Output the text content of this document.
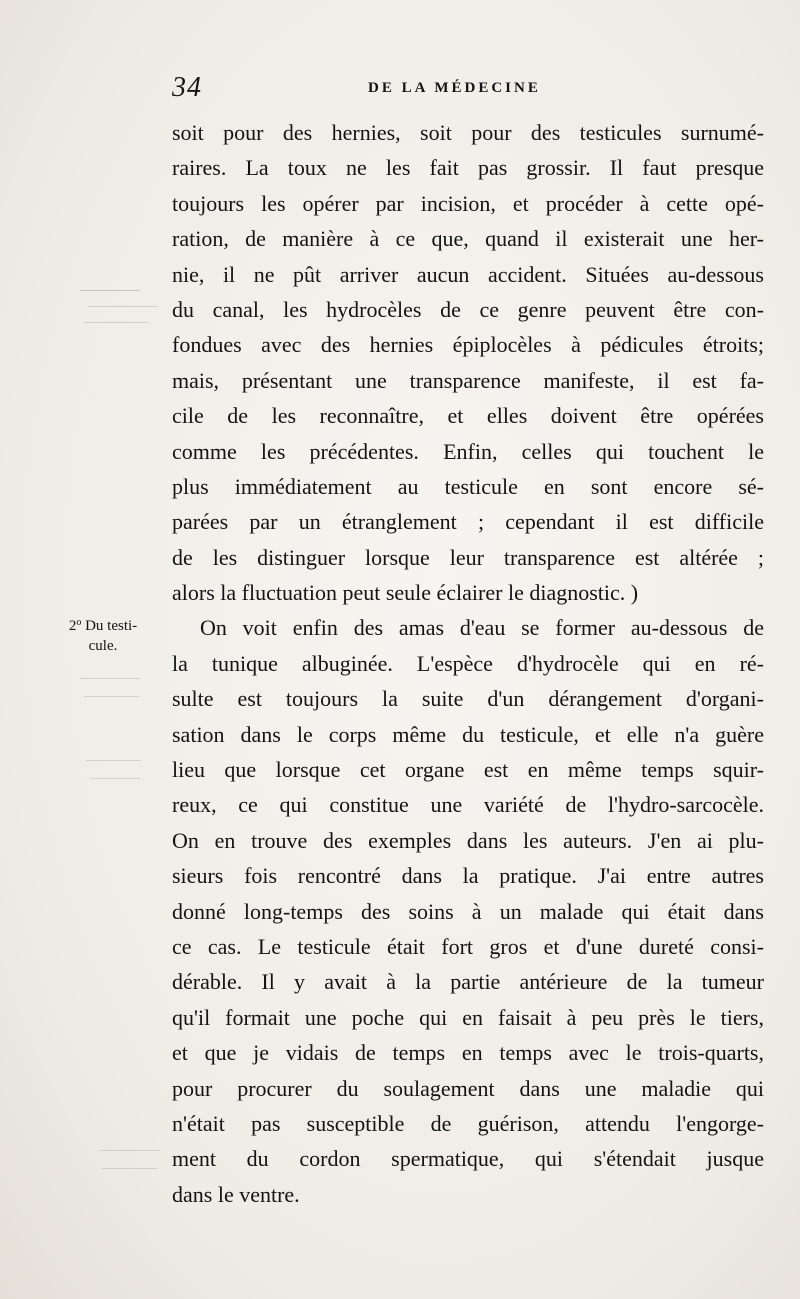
34	DE LA MÉDECINE
2$^o$ Du testi-
cule.
soit pour des hernies, soit pour des testicules surnumé-
raires. La toux ne les fait pas grossir. Il faut presque
toujours les opérer par incision, et procéder à cette opé-
ration, de manière à ce que, quand il existerait une her-
nie, il ne pût arriver aucun accident. Situées au-dessous
du canal, les hydrocèles de ce genre peuvent être con-
fondues avec des hernies épiplocèles à pédicules étroits;
mais, présentant une transparence manifeste, il est fa-
cile de les reconnaître, et elles doivent être opérées
comme les précédentes. Enfin, celles qui touchent le
plus immédiatement au testicule en sont encore sé-
parées par un étranglement ; cependant il est difficile
de les distinguer lorsque leur transparence est altérée ;
alors la fluctuation peut seule éclairer le diagnostic. )
On voit enfin des amas d'eau se former au-dessous de
la tunique albuginée. L'espèce d'hydrocèle qui en ré-
sulte est toujours la suite d'un dérangement d'organi-
sation dans le corps même du testicule, et elle n'a guère
lieu que lorsque cet organe est en même temps squir-
reux, ce qui constitue une variété de l'hydro-sarcocèle.
On en trouve des exemples dans les auteurs. J'en ai plu-
sieurs fois rencontré dans la pratique. J'ai entre autres
donné long-temps des soins à un malade qui était dans
ce cas. Le testicule était fort gros et d'une dureté consi-
dérable. Il y avait à la partie antérieure de la tumeur
qu'il formait une poche qui en faisait à peu près le tiers,
et que je vidais de temps en temps avec le trois-quarts,
pour procurer du soulagement dans une maladie qui
n'était pas susceptible de guérison, attendu l'engorge-
ment du cordon spermatique, qui s'étendait jusque
dans le ventre.
